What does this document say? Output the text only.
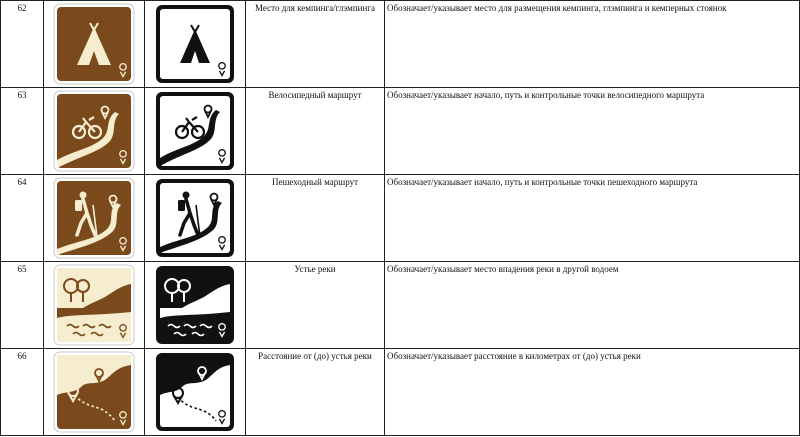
62			Место для кемпинга/глэмпинга	Обозначает/указывает место для размещения кемпинга, глэмпинга и кемперных стоянок
63			Велосипедный маршрут	Обозначает/указывает начало, путь и контрольные точки велосипедного маршрута
64			Пешеходный маршрут	Обозначает/указывает начало, путь и контрольные точки пешеходного маршрута
65			Устье реки	Обозначает/указывает место впадения реки в другой водоем
66			Расстояние от (до) устья реки	Обозначает/указывает расстояние в километрах от (до) устья реки
